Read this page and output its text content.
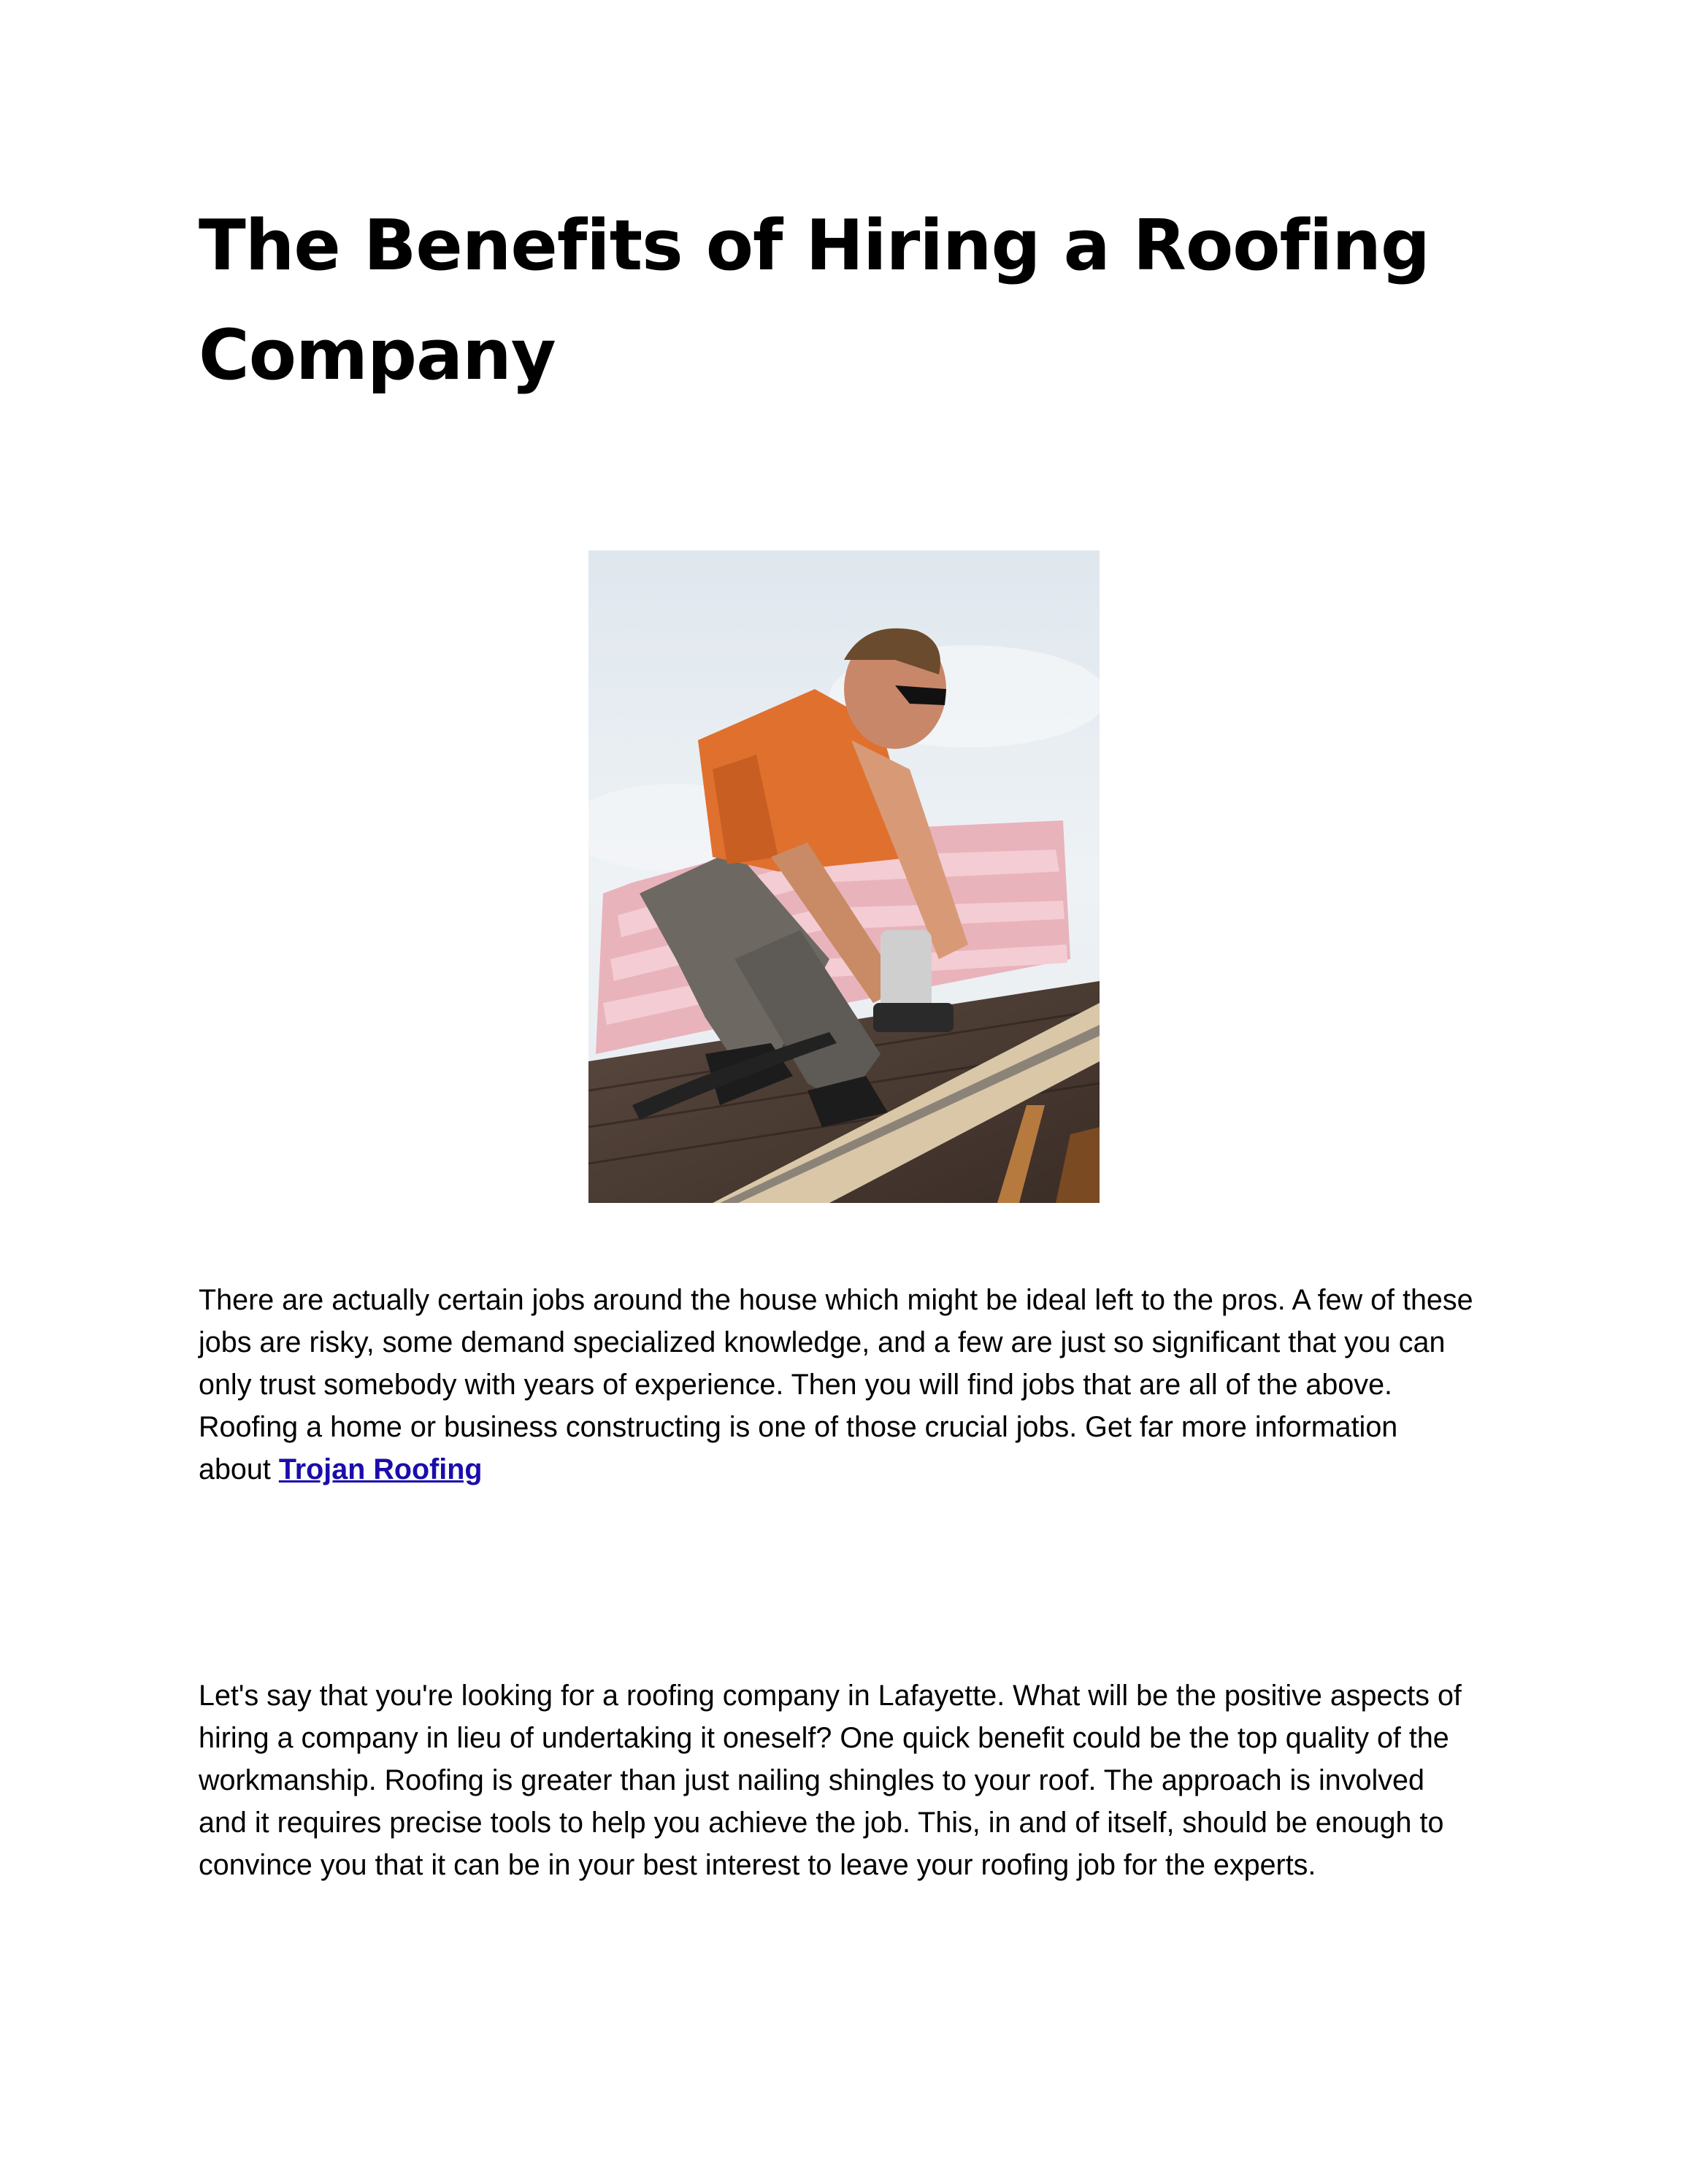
The Benefits of Hiring a Roofing Company

There are actually certain jobs around the house which might be ideal left to the pros. A few of these jobs are risky, some demand specialized knowledge, and a few are just so significant that you can only trust somebody with years of experience. Then you will find jobs that are all of the above. Roofing a home or business constructing is one of those crucial jobs. Get far more information about Trojan Roofing

Let's say that you're looking for a roofing company in Lafayette. What will be the positive aspects of hiring a company in lieu of undertaking it oneself? One quick benefit could be the top quality of the workmanship. Roofing is greater than just nailing shingles to your roof. The approach is involved and it requires precise tools to help you achieve the job. This, in and of itself, should be enough to convince you that it can be in your best interest to leave your roofing job for the experts.
